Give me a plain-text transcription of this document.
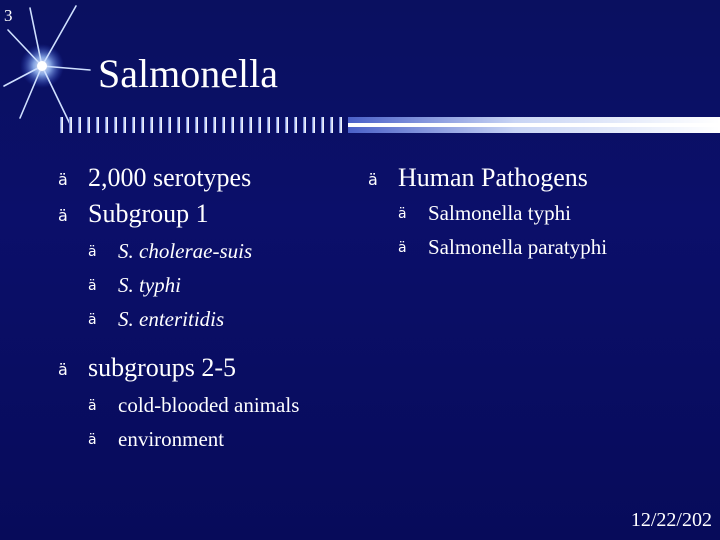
3
Salmonella
ä 2,000 serotypes
ä Subgroup 1
ä S. cholerae-suis
ä S. typhi
ä S. enteritidis
ä subgroups 2-5
ä cold-blooded animals
ä environment
ä Human Pathogens
ä Salmonella typhi
ä Salmonella paratyphi
12/22/202
